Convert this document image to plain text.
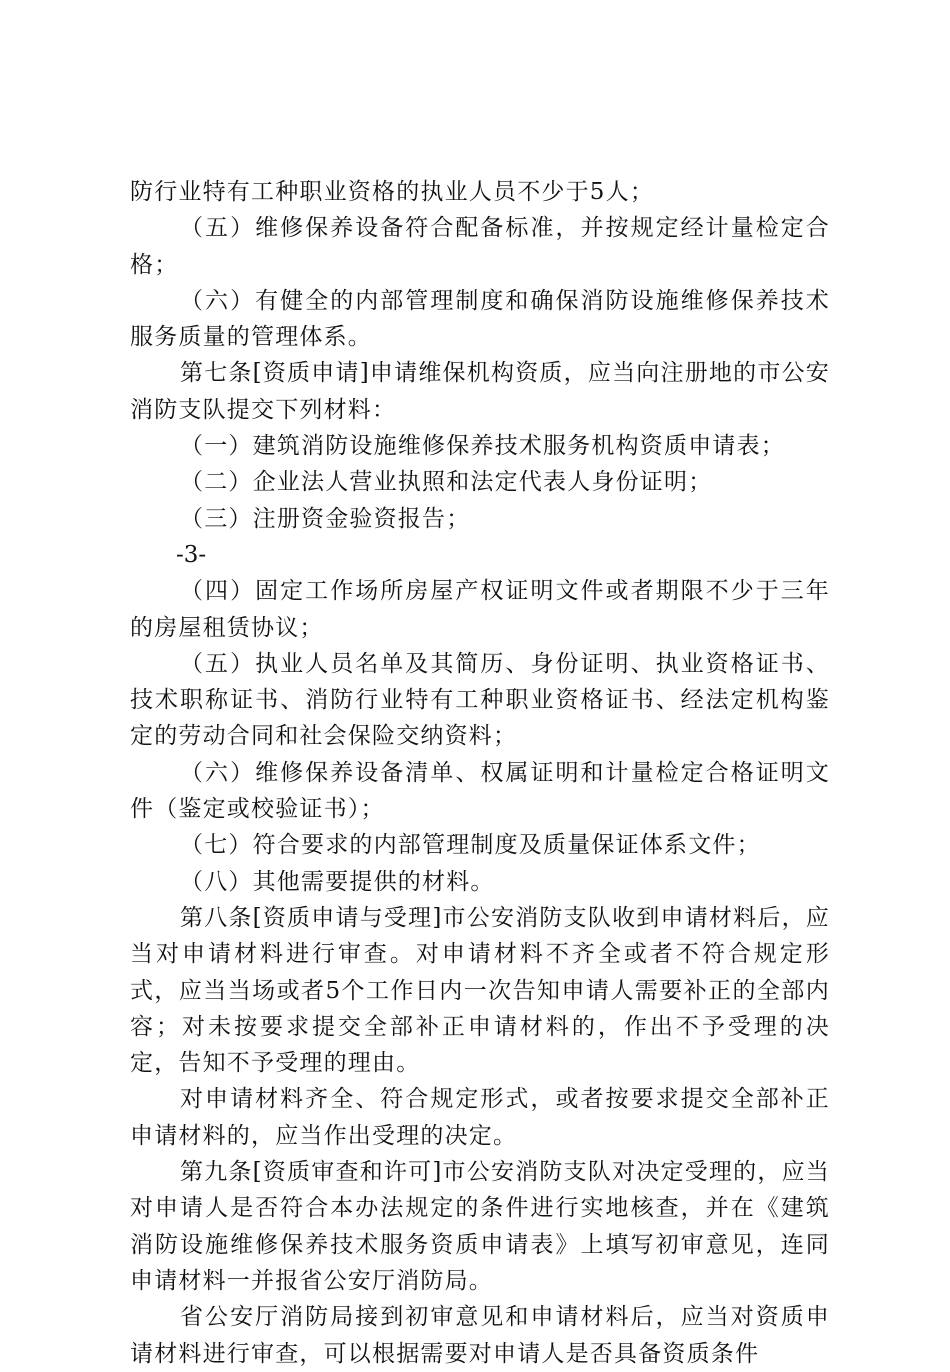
防行业特有工种职业资格的执业人员不少于5人；

（五）维修保养设备符合配备标准，并按规定经计量检定合格；

（六）有健全的内部管理制度和确保消防设施维修保养技术服务质量的管理体系。

第七条[资质申请]申请维保机构资质，应当向注册地的市公安消防支队提交下列材料：

（一）建筑消防设施维修保养技术服务机构资质申请表；

（二）企业法人营业执照和法定代表人身份证明；

（三）注册资金验资报告；

-3-

（四）固定工作场所房屋产权证明文件或者期限不少于三年的房屋租赁协议；

（五）执业人员名单及其简历、身份证明、执业资格证书、技术职称证书、消防行业特有工种职业资格证书、经法定机构鉴定的劳动合同和社会保险交纳资料；

（六）维修保养设备清单、权属证明和计量检定合格证明文件（鉴定或校验证书）；

（七）符合要求的内部管理制度及质量保证体系文件；

（八）其他需要提供的材料。

第八条[资质申请与受理]市公安消防支队收到申请材料后，应当对申请材料进行审查。对申请材料不齐全或者不符合规定形式，应当当场或者5个工作日内一次告知申请人需要补正的全部内容；对未按要求提交全部补正申请材料的，作出不予受理的决定，告知不予受理的理由。

对申请材料齐全、符合规定形式，或者按要求提交全部补正申请材料的，应当作出受理的决定。

第九条[资质审查和许可]市公安消防支队对决定受理的，应当对申请人是否符合本办法规定的条件进行实地核查，并在《建筑消防设施维修保养技术服务资质申请表》上填写初审意见，连同申请材料一并报省公安厅消防局。

省公安厅消防局接到初审意见和申请材料后，应当对资质申请材料进行审查，可以根据需要对申请人是否具备资质条件
